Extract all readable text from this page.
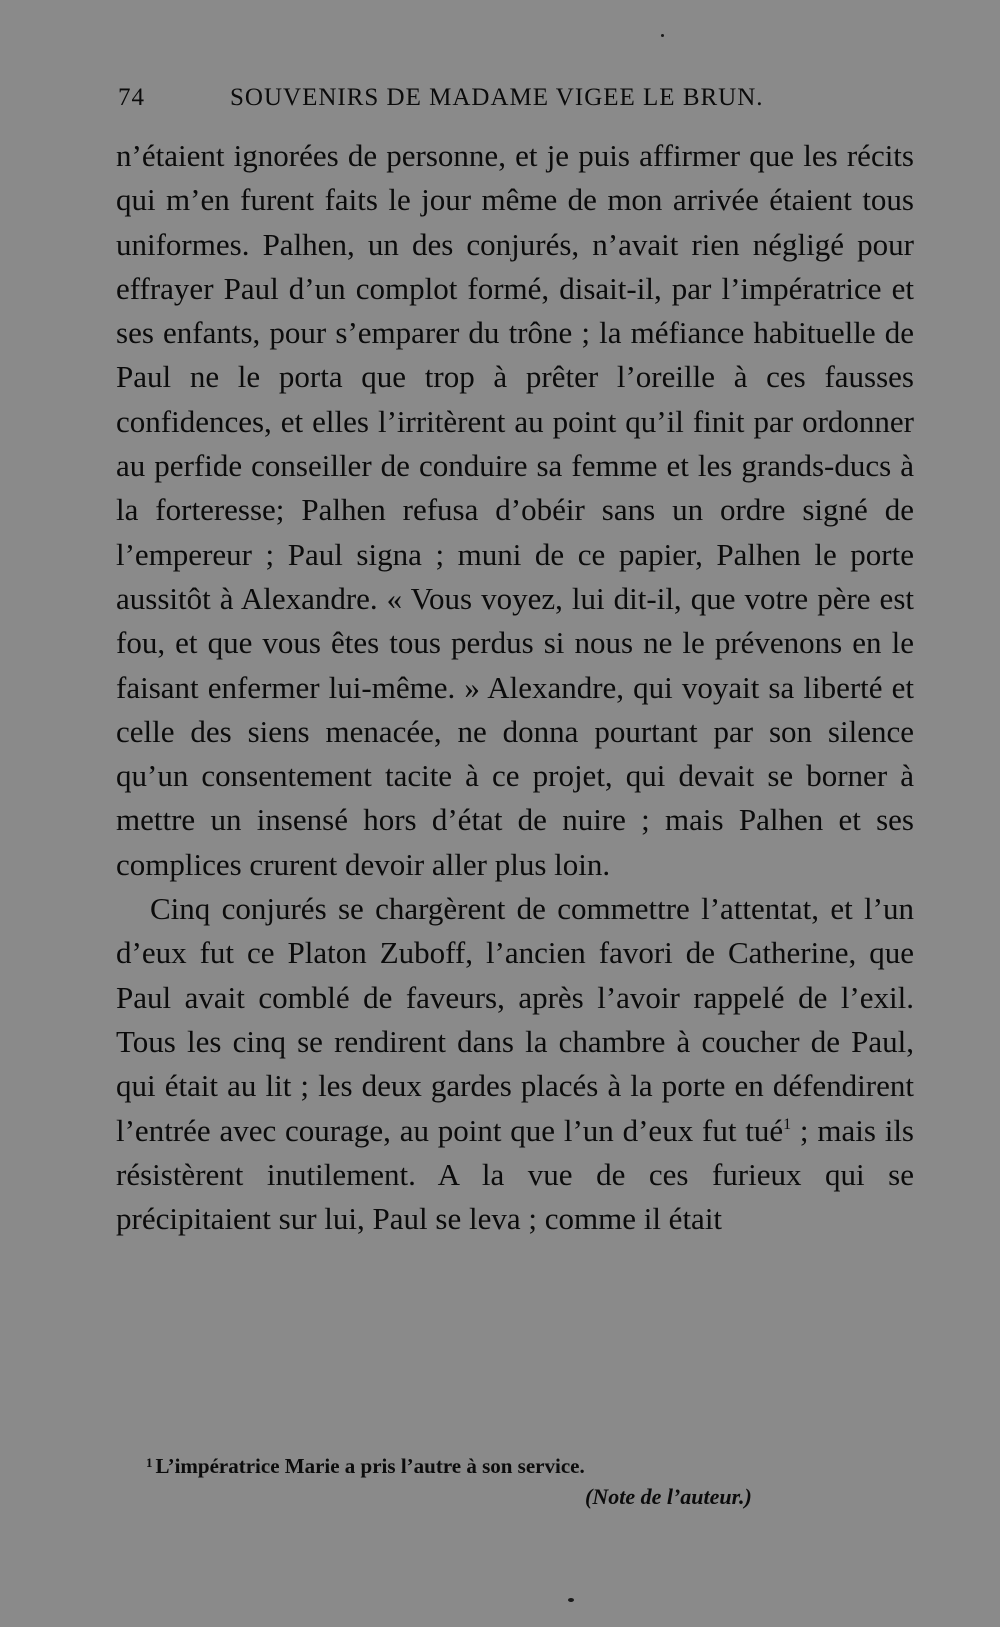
74	SOUVENIRS DE MADAME VIGEE LE BRUN.

n’étaient ignorées de personne, et je puis affirmer que les récits qui m’en furent faits le jour même de mon arrivée étaient tous uniformes. Palhen, un des conjurés, n’avait rien négligé pour effrayer Paul d’un complot formé, disait-il, par l’impératrice et ses enfants, pour s’emparer du trône ; la méfiance habituelle de Paul ne le porta que trop à prêter l’oreille à ces fausses confidences, et elles l’irritèrent au point qu’il finit par ordonner au perfide conseiller de conduire sa femme et les grands-ducs à la forteresse; Palhen refusa d’obéir sans un ordre signé de l’empereur ; Paul signa ; muni de ce papier, Palhen le porte aussitôt à Alexandre. « Vous voyez, lui dit-il, que votre père est fou, et que vous êtes tous perdus si nous ne le prévenons en le faisant enfermer lui-même. » Alexandre, qui voyait sa liberté et celle des siens menacée, ne donna pourtant par son silence qu’un consentement tacite à ce projet, qui devait se borner à mettre un insensé hors d’état de nuire ; mais Palhen et ses complices crurent devoir aller plus loin.

Cinq conjurés se chargèrent de commettre l’attentat, et l’un d’eux fut ce Platon Zuboff, l’ancien favori de Catherine, que Paul avait comblé de faveurs, après l’avoir rappelé de l’exil. Tous les cinq se rendirent dans la chambre à coucher de Paul, qui était au lit ; les deux gardes placés à la porte en défendirent l’entrée avec courage, au point que l’un d’eux fut tué$^1$ ; mais ils résistèrent inutilement. A la vue de ces furieux qui se précipitaient sur lui, Paul se leva ; comme il était

$^1$ L’impératrice Marie a pris l’autre à son service.
(Note de l’auteur.)
